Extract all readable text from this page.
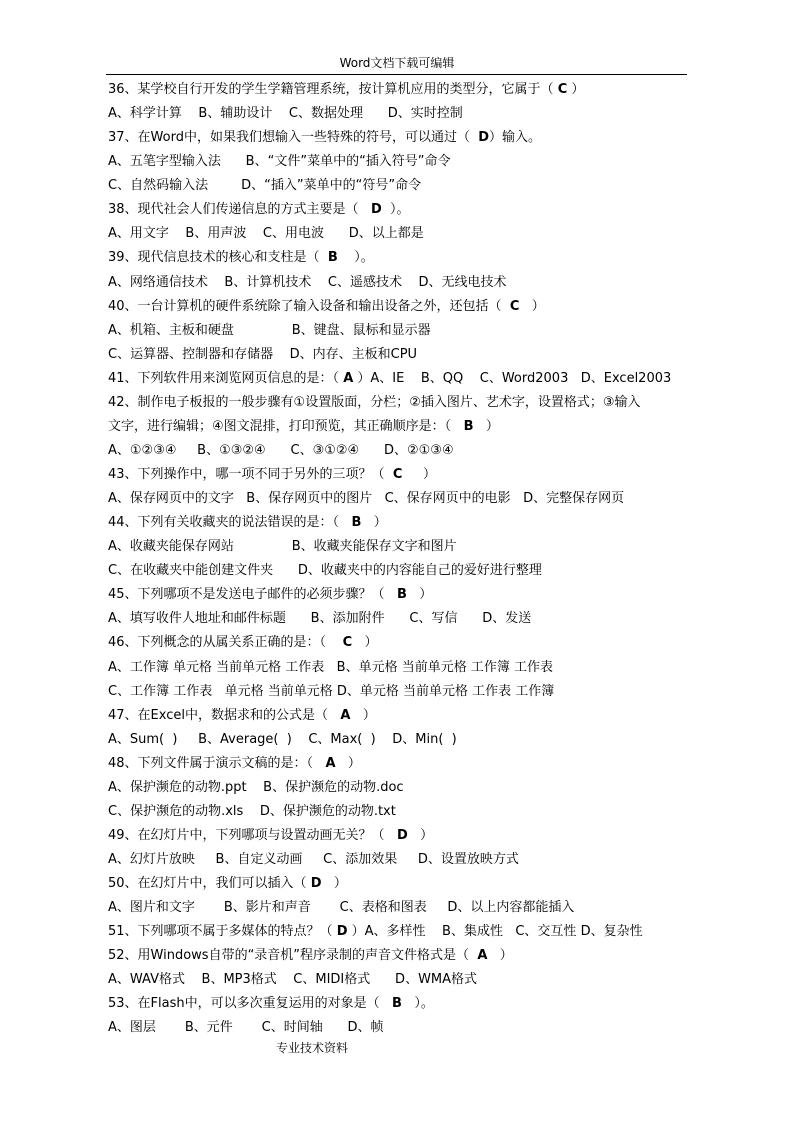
Word文档下载可编辑
36、某学校自行开发的学生学籍管理系统，按计算机应用的类型分，它属于（ C ）
A、科学计算    B、辅助设计    C、数据处理      D、实时控制
37、在Word中，如果我们想输入一些特殊的符号，可以通过（  D）输入。
A、五笔字型输入法      B、“文件”菜单中的“插入符号”命令
C、自然码输入法        D、“插入”菜单中的“符号”命令
38、现代社会人们传递信息的方式主要是（   D  ）。
A、用文字    B、用声波    C、用电波      D、以上都是
39、现代信息技术的核心和支柱是（  B    ）。
A、网络通信技术    B、计算机技术    C、遥感技术    D、无线电技术
40、一台计算机的硬件系统除了输入设备和输出设备之外，还包括（  C   ）
A、机箱、主板和硬盘              B、键盘、鼠标和显示器
C、运算器、控制器和存储器    D、内存、主板和CPU
41、下列软件用来浏览网页信息的是：（ A ）A、IE    B、QQ    C、Word2003   D、Excel2003
42、制作电子板报的一般步骤有①设置版面，分栏；②插入图片、艺术字，设置格式；③输入
文字，进行编辑；④图文混排，打印预览，其正确顺序是：（   B   ）
A、①②③④     B、①③②④      C、③①②④      D、②①③④
43、下列操作中，哪一项不同于另外的三项？（  C     ）
A、保存网页中的文字   B、保存网页中的图片   C、保存网页中的电影   D、完整保存网页
44、下列有关收藏夹的说法错误的是：（   B   ）
A、收藏夹能保存网站              B、收藏夹能保存文字和图片
C、在收藏夹中能创建文件夹      D、收藏夹中的内容能自己的爱好进行整理
45、下列哪项不是发送电子邮件的必须步骤？（   B   ）
A、填写收件人地址和邮件标题      B、添加附件      C、写信      D、发送
46、下列概念的从属关系正确的是：（    C   ）
A、工作簿 单元格 当前单元格 工作表   B、单元格 当前单元格 工作簿 工作表
C、工作簿 工作表   单元格 当前单元格 D、单元格 当前单元格 工作表 工作簿
47、在Excel中，数据求和的公式是（   A   ）
A、Sum(  )     B、Average(  )    C、Max(  )    D、Min(  )
48、下列文件属于演示文稿的是：（   A   ）
A、保护濒危的动物.ppt    B、保护濒危的动物.doc
C、保护濒危的动物.xls    D、保护濒危的动物.txt
49、在幻灯片中，下列哪项与设置动画无关？（   D   ）
A、幻灯片放映     B、自定义动画     C、添加效果     D、设置放映方式
50、在幻灯片中，我们可以插入（ D   ）
A、图片和文字       B、影片和声音       C、表格和图表     D、以上内容都能插入
51、下列哪项不属于多媒体的特点？（ D ）A、多样性    B、集成性   C、交互性 D、复杂性
52、用Windows自带的“录音机”程序录制的声音文件格式是（  A   ）
A、WAV格式    B、MP3格式    C、MIDI格式      D、WMA格式
53、在Flash中，可以多次重复运用的对象是（   B   ）。
A、图层       B、元件       C、时间轴      D、帧
专业技术资料
